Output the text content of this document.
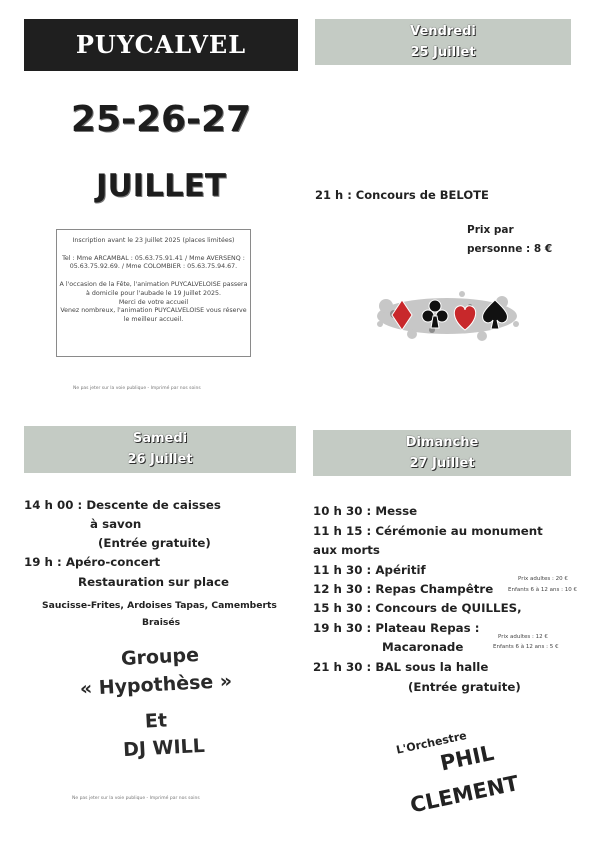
PUYCALVEL
25-26-27
JUILLET
Inscription avant le 23 Juillet 2025 (places limitées)
Tel : Mme ARCAMBAL : 05.63.75.91.41 / Mme AVERSENQ :
05.63.75.92.69. / Mme COLOMBIER : 05.63.75.94.67.
A l'occasion de la Fête, l'animation PUYCALVELOISE passera
à domicile pour l'aubade le 19 Juillet 2025.
Merci de votre accueil
Venez nombreux, l'animation PUYCALVELOISE vous réserve
le meilleur accueil.
Ne pas jeter sur la voie publique - Imprimé par nos soins
Vendredi
25 Juillet
21 h : Concours de BELOTE
Prix par
personne : 8 €
Samedi
26 Juillet
14 h 00 : Descente de caisses
à savon
(Entrée gratuite)
19 h : Apéro-concert
Restauration sur place
Saucisse-Frites, Ardoises Tapas, Camemberts
Braisés
Groupe
« Hypothèse »
Et
DJ WILL
Ne pas jeter sur la voie publique - Imprimé par nos soins
Dimanche
27 Juillet
10 h 30 : Messe
11 h 15 : Cérémonie au monument
aux morts
11 h 30 : Apéritif
12 h 30 : Repas Champêtre
Prix adultes : 20 €
Enfants 6 à 12 ans : 10 €
15 h 30 : Concours de QUILLES,
19 h 30 : Plateau Repas :
Macaronade
Prix adultes : 12 €
Enfants 6 à 12 ans : 5 €
21 h 30 : BAL sous la halle
(Entrée gratuite)
L'Orchestre
PHIL
CLEMENT
